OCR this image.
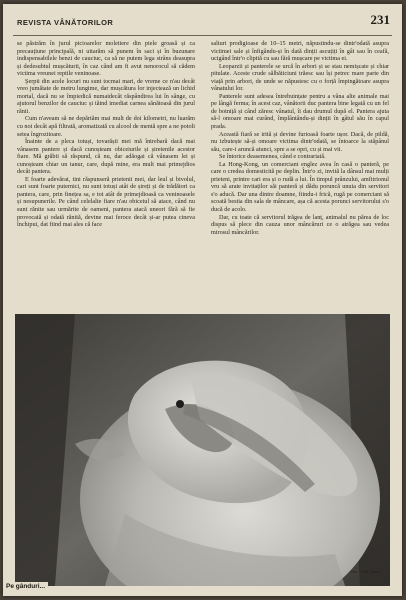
REVISTA VÂNĂTORILOR	231

se păstrăm în jurul picioarelor moletiere din piele groasă și ca precauțiune principală, ni uitarăm să punem în saci și în buzunare indispensabilele benzi de cauciuc, ca să ne putem lega strâns deasupra și dedesubtul mușcăturii, în caz când am fi avut nenorocul să cădem victima vreunei reptile veninoase.

Șerpii din acele locuri nu sunt tocmai mari, de vreme ce n'au decât vreo jumătate de metru lungime, dar mușcătura lor injectează un lichid mortal, dacă nu se împiedică numaidecât răspândirea lui în sânge, cu ajutorul benzilor de cauciuc și tăind imediat carnea sănătoasă din jurul rănii.

Cum n'aveam să ne depărtăm mai mult de doi kilometri, nu luarăm cu noi decât apă filtrată, aromatizată cu alcool de mentă spre a ne potoli setea îngrozitoare.

Înainte de a pleca totuși, tovarășii mei mă întrebară dacă mai vânasem pantere și dacă cunoșteam obiceiurile și șiretenile acestor fiare. Mă grăbii să răspund, că nu, dar adăogai că vânasem lei și cunoșteam chiar un tanur, care, după mine, era mult mai primejdios decât pantera.

E foarte adevărat, tini răspunseră prietenii mei, dar leul și bivolul, cari sunt foarte puternici, nu sunt totuși atât de șireți și de trădători ca pantera, care, prin finețea sa, e tot atât de primejdioasă ca veninoasele și nesupunerile. Pe când celelalte fiare n'au obiceiul să atace, când nu sunt rănite sau urmărite de oameni, pantera atacă uneori fără să fie provocată și odată rănită, devine mai feroce decât și-ar putea cineva închipui, dat fiind mai ales că face

salturi prodigioase de 10–15 metri, năpustindu-se dintr'odată asupra victimei sale și înfigându-și în dată dinții ascuțiți în gât sau în ceafă, ucigând într'o clipită cu sau fără mușcare pe victima ei.

Leoparzii și panterele se urcă în arbori și se stau nemișcate și chiar pitulate. Aceste crude sălbăticiuni trăesc sau își petrec mare parte din viață prin arbori, de unde se năpustesc cu o forță împingătoare asupra vânatului lor.

Panterele sunt adesea întrebuințate pentru a vâna alte animale mai pe lângă ferma; în acest caz, vânătorii duc pantera bine legată cu un fel de botniță și când zăresc vânatul, îi dau drumul după el. Pantera ajuta să-l omoare mai curând, împlântându-și dinții în gâtul său în capul prada.

Această fiară se irită și devine furioasă foarte ușor. Dacă, de pildă, nu izbutește să-și omoare victima dintr'odată, se întoarce la stăpânul său, care-i aruncă atunci, spre a se opri, cu și mai vii.

Se întorice deasemenea, când e contrariată.

La Hong-Kong, un comerciant englez avea în casă o panteră, pe care o credea domesticită pe deplin. Într'o zi, invită la dânsul mai mulți prieteni, printre cari era și o rudă a lui. În timpul prânzului, amfitrionul vru să arate invitaților săi panteră și dădu poruncă unuia din servitori s'o aducă. Dar una dintre doamne, fiindu-i frică, rugă pe comerciant să scoată bestia din sala de mâncare, așa că acesta porunci servitorului s'o ducă de acolo.

Dar, cu toate că servitorul trăgea de lanț, animalul nu părea de loc dispus să plece din cauza unor mâncăruri ce o atrăgea sau vedea mirosul mâncărilor.

Pe gânduri...
Foto · Foto · Ziarul
